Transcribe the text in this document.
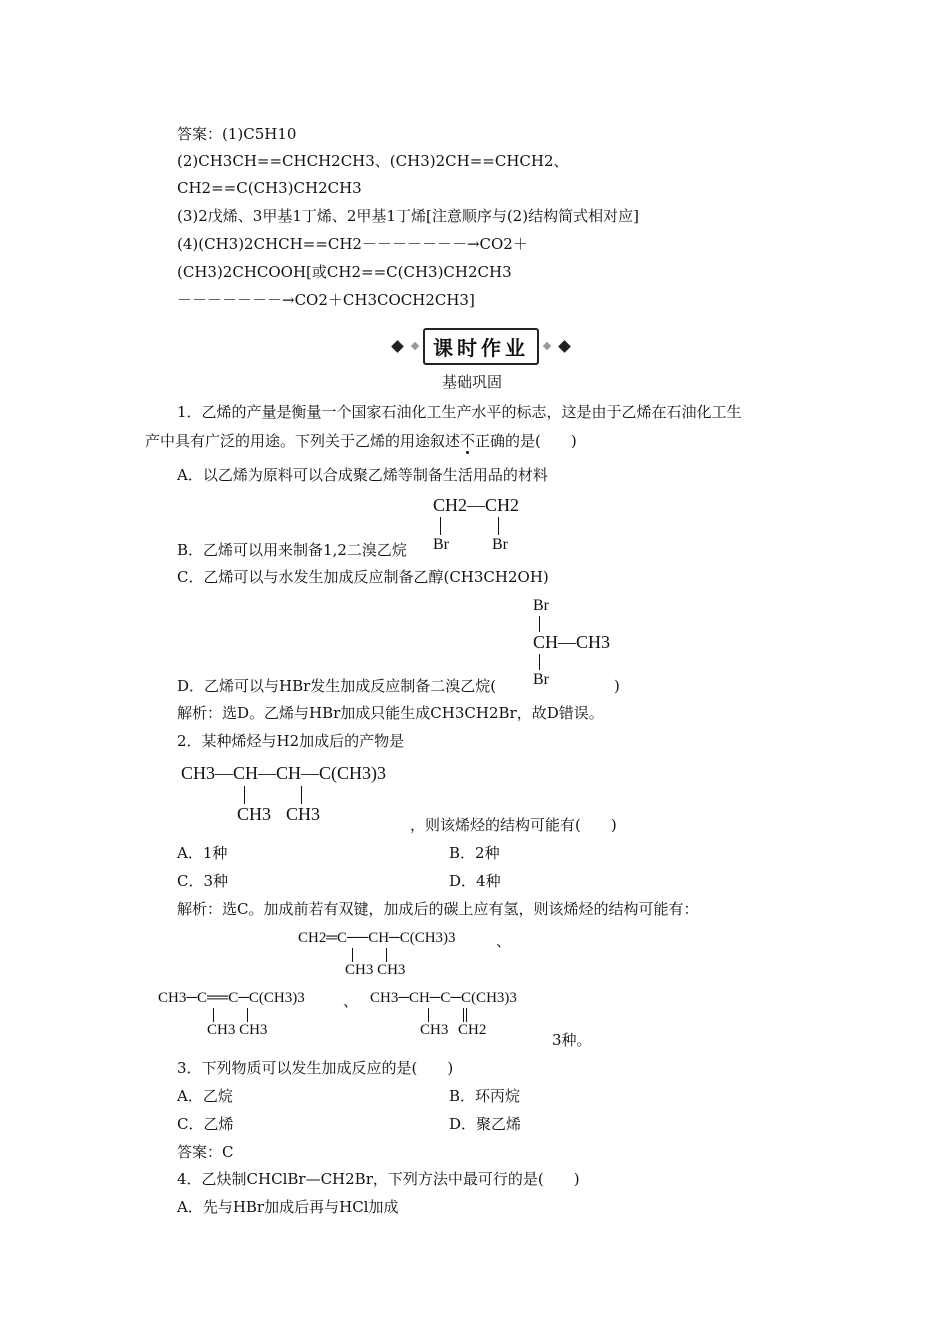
答案：(1)C5H10
(2)CH3CH==CHCH2CH3、(CH3)2CH==CHCH2、
CH2==C(CH3)CH2CH3
(3)2戊烯、3甲基1丁烯、2甲基1丁烯[注意顺序与(2)结构简式相对应]
(4)(CH3)2CHCH==CH2－－－－－－－→CO2＋
(CH3)2CHCOOH[或CH2==C(CH3)CH2CH3
－－－－－－－→CO2＋CH3COCH2CH3]
课时作业
基础巩固
1．乙烯的产量是衡量一个国家石油化工生产水平的标志，这是由于乙烯在石油化工生
产中具有广泛的用途。下列关于乙烯的用途叙述不正确的是(　　)
A．以乙烯为原料可以合成聚乙烯等制备生活用品的材料
CH2—CH2
Br	Br
B．乙烯可以用来制备1,2二溴乙烷
C．乙烯可以与水发生加成反应制备乙醇(CH3CH2OH)
Br
CH—CH3
Br
D．乙烯可以与HBr发生加成反应制备二溴乙烷(	)
解析：选D。乙烯与HBr加成只能生成CH3CH2Br，故D错误。
2．某种烯烃与H2加成后的产物是
CH3—CH—CH—C(CH3)3
CH3 CH3
，则该烯烃的结构可能有(　　)
A．1种	B．2种
C．3种	D．4种
解析：选C。加成前若有双键，加成后的碳上应有氢，则该烯烃的结构可能有：
CH2═C──CH─C(CH3)3	、
CH3 CH3
CH3─C══C─C(CH3)3	、
CH3 CH3
CH3─CH─C─C(CH3)3
CH3 CH2
3种。
3．下列物质可以发生加成反应的是(　　)
A．乙烷	B．环丙烷
C．乙烯	D．聚乙烯
答案：C
4．乙炔制CHClBr—CH2Br，下列方法中最可行的是(　　)
A．先与HBr加成后再与HCl加成
